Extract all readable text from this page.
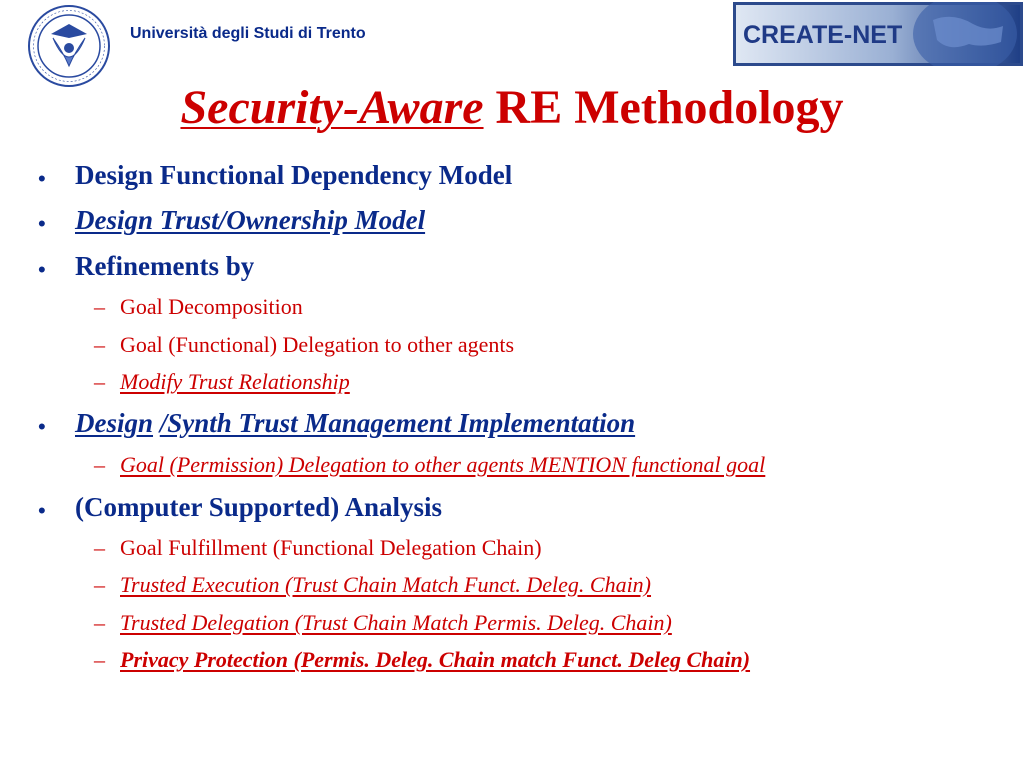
Università degli Studi di Trento	CREATE-NET
Security-Aware RE Methodology
• Design Functional Dependency Model
• Design Trust/Ownership Model
• Refinements by
– Goal Decomposition
– Goal (Functional) Delegation to other agents
– Modify Trust Relationship
• Design /Synth Trust Management Implementation
– Goal (Permission) Delegation to other agents MENTION functional goal
• (Computer Supported) Analysis
– Goal Fulfillment (Functional Delegation Chain)
– Trusted Execution (Trust Chain Match Funct. Deleg. Chain)
– Trusted Delegation (Trust Chain Match Permis. Deleg. Chain)
– Privacy Protection (Permis. Deleg. Chain match Funct. Deleg Chain)
